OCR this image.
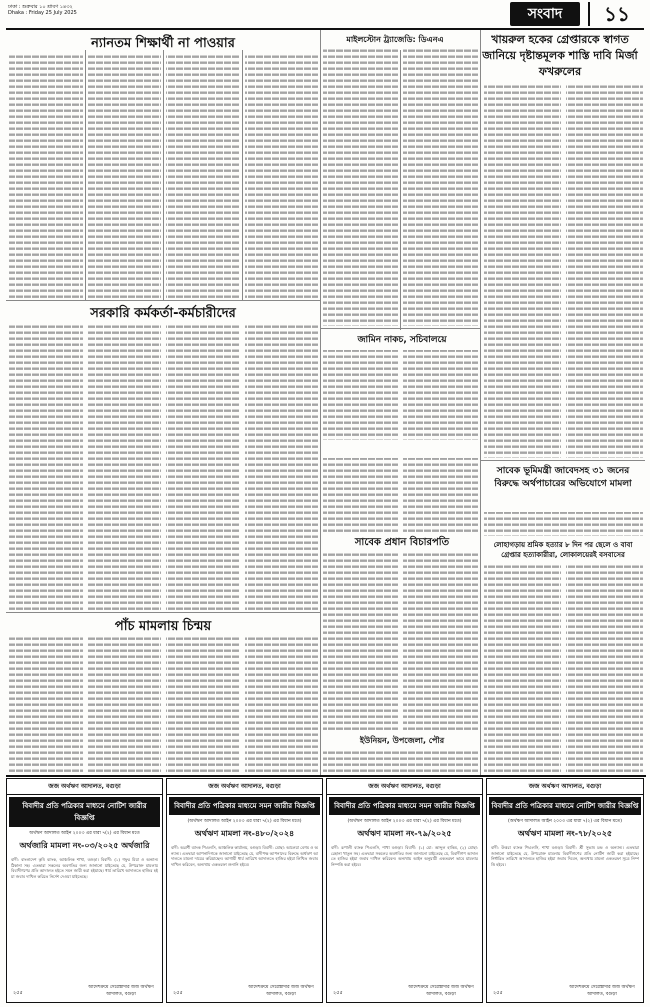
ঢাকা : শুক্রবার ১০ শ্রাবণ ১৪৩২
Dhaka : Friday 25 July 2025	সংবাদ	১১
ন্যানতম শিক্ষার্থী না পাওয়ার
সরকারি কর্মকর্তা-কর্মচারীদের
পাঁচ মামলায় চিন্ময়
মাইলস্টোন ট্র্যাজেডি: ডিএনএ	খায়রুল হকের গ্রেপ্তারকে স্বাগত জানিয়ে দৃষ্টান্তমূলক শাস্তি দাবি মির্জা ফখরুলের
জামিন নাকচ, সচিবালয়ে
সাবেক প্রধান বিচারপতি
ইউনিয়ন, উপজেলা, পৌর
সাবেক ভূমিমন্ত্রী জাবেদসহ ৩১ জনের বিরুদ্ধে অর্থপাচারের অভিযোগে মামলা
লোহাগড়ায় শ্রমিক হত্যার ৮ দিন পর ছেলে ও বাবা গ্রেপ্তার হত্যাকারীরা, লোকালয়েরই বসবাসের
জজ অর্থঋণ আদালত, বগুড়া
বিবাদীর প্রতি পত্রিকার মাধ্যমে নোটিশ জারীর বিজ্ঞপ্তি
অর্থঋণ আদালত আইন ২০০৩ এর ধারা ৭(২) এর বিধান মতে
অর্থজারি মামলা নং-০৩/২০২৫ অর্থজারি
বাদী: বাংলাদেশ কৃষি ব্যাংক, আঞ্চলিক শাখা, বগুড়া। বিবাদী: (১) গফুর মিয়া ও অন্যান্য ঠিকানা সহ। এতদ্বারা সকলের অবগতির জন্য জানানো যাইতেছে যে, উপরোক্ত মামলায় বিবাদীগণের প্রতি আদালত হইতে সমন জারী করা হইয়াছে। ধার্য তারিখে আদালতে হাজির হইয়া জবাব দাখিল করিতে নির্দেশ দেওয়া যাইতেছে।
২৫৫
আদেশক্রমে সেরেস্তাদার জজ অর্থঋণ আদালত, বগুড়া
জজ অর্থঋণ আদালত, বগুড়া
বিবাদীর প্রতি পত্রিকার মাধ্যমে সমন জারীর বিজ্ঞপ্তি
(অর্থঋণ আদালত আইন ২০০৩ এর ধারা ৭(২) এর বিধান মতে)
অর্থঋণ মামলা নং-৪৮০/২০২৪
বাদী: অগ্রণী ব্যাংক পিএলসি, আঞ্চলিক কার্যালয়, বগুড়া। বিবাদী: মোছা: আলেয়া বেগম ও অন্যান্য। এতদ্বারা আপনাদিগকে জানানো যাইতেছে যে, বাদীপক্ষ আপনাদের বিরুদ্ধে অর্থঋণ আদালতে মামলা দায়ের করিয়াছেন। আগামী ধার্য তারিখে আদালতে হাজির হইয়া লিখিত জবাব দাখিল করিবেন, অন্যথায় একতরফা শুনানি হইবে।
২৫৫
আদেশক্রমে সেরেস্তাদার জজ অর্থঋণ আদালত, বগুড়া
জজ অর্থঋণ আদালত, বগুড়া
বিবাদীর প্রতি পত্রিকার মাধ্যমে সমন জারীর বিজ্ঞপ্তি
(অর্থঋণ আদালত আইন ২০০৩ এর ধারা ৭(২) এর বিধান মতে)
অর্থঋণ মামলা নং-৭৯/২০২৫
বাদী: রূপালী ব্যাংক পিএলসি, শাখা বগুড়া। বিবাদী: (১) মো: আব্দুল হাকিম, (২) মোছা: রেহানা খাতুন সহ। এতদ্বারা সকলের অবগতির জন্য জানানো যাইতেছে যে, বিবাদীগণ আদালতে হাজির হইয়া জবাব দাখিল করিবেন। অন্যথায় আইন অনুযায়ী একতরফা ভাবে মামলার নিষ্পত্তি করা হইবে।
২৫৫
আদেশক্রমে সেরেস্তাদার জজ অর্থঋণ আদালত, বগুড়া
জজ অর্থঋণ আদালত, বগুড়া
বিবাদীর প্রতি পত্রিকার মাধ্যমে নোটিশ জারীর বিজ্ঞপ্তি
(অর্থঋণ আদালত আইন ২০০৩ এর ধারা ৭(২) এর বিধান মতে)
অর্থঋণ মামলা নং-৭৮/২০২৫
বাদী: উত্তরা ব্যাংক পিএলসি, শাখা বগুড়া। বিবাদী: শ্রী সুভাষ চন্দ্র ও অন্যান্য। এতদ্বারা জানানো যাইতেছে যে, উপরোক্ত মামলায় বিবাদীগণের প্রতি নোটিশ জারী করা হইয়াছে। নির্ধারিত তারিখে আদালতে হাজির হইয়া জবাব দিবেন, অন্যথায় মামলা একতরফা সূত্রে নিষ্পত্তি হইবে।
২৫৫
আদেশক্রমে সেরেস্তাদার জজ অর্থঋণ আদালত, বগুড়া
